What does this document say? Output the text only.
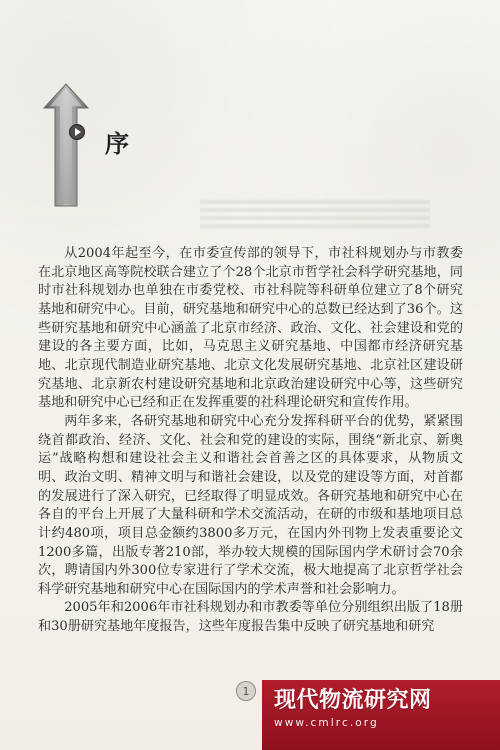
序

从2004年起至今，在市委宣传部的领导下，市社科规划办与市教委在北京地区高等院校联合建立了个28个北京市哲学社会科学研究基地，同时市社科规划办也单独在市委党校、市社科院等科研单位建立了8个研究基地和研究中心。目前，研究基地和研究中心的总数已经达到了36个。这些研究基地和研究中心涵盖了北京市经济、政治、文化、社会建设和党的建设的各主要方面，比如，马克思主义研究基地、中国都市经济研究基地、北京现代制造业研究基地、北京文化发展研究基地、北京社区建设研究基地、北京新农村建设研究基地和北京政治建设研究中心等，这些研究基地和研究中心已经和正在发挥重要的社科理论研究和宣传作用。

两年多来，各研究基地和研究中心充分发挥科研平台的优势，紧紧围绕首都政治、经济、文化、社会和党的建设的实际，围绕“新北京、新奥运”战略构想和建设社会主义和谐社会首善之区的具体要求，从物质文明、政治文明、精神文明与和谐社会建设，以及党的建设等方面，对首都的发展进行了深入研究，已经取得了明显成效。各研究基地和研究中心在各自的平台上开展了大量科研和学术交流活动，在研的市级和基地项目总计约480项，项目总金额约3800多万元，在国内外刊物上发表重要论文1200多篇，出版专著210部，举办较大规模的国际国内学术研讨会70余次，聘请国内外300位专家进行了学术交流，极大地提高了北京哲学社会科学研究基地和研究中心在国际国内的学术声誉和社会影响力。

2005年和2006年市社科规划办和市教委等单位分别组织出版了18册和30册研究基地年度报告，这些年度报告集中反映了研究基地和研究

1 现代物流研究网
www.cmlrc.org
